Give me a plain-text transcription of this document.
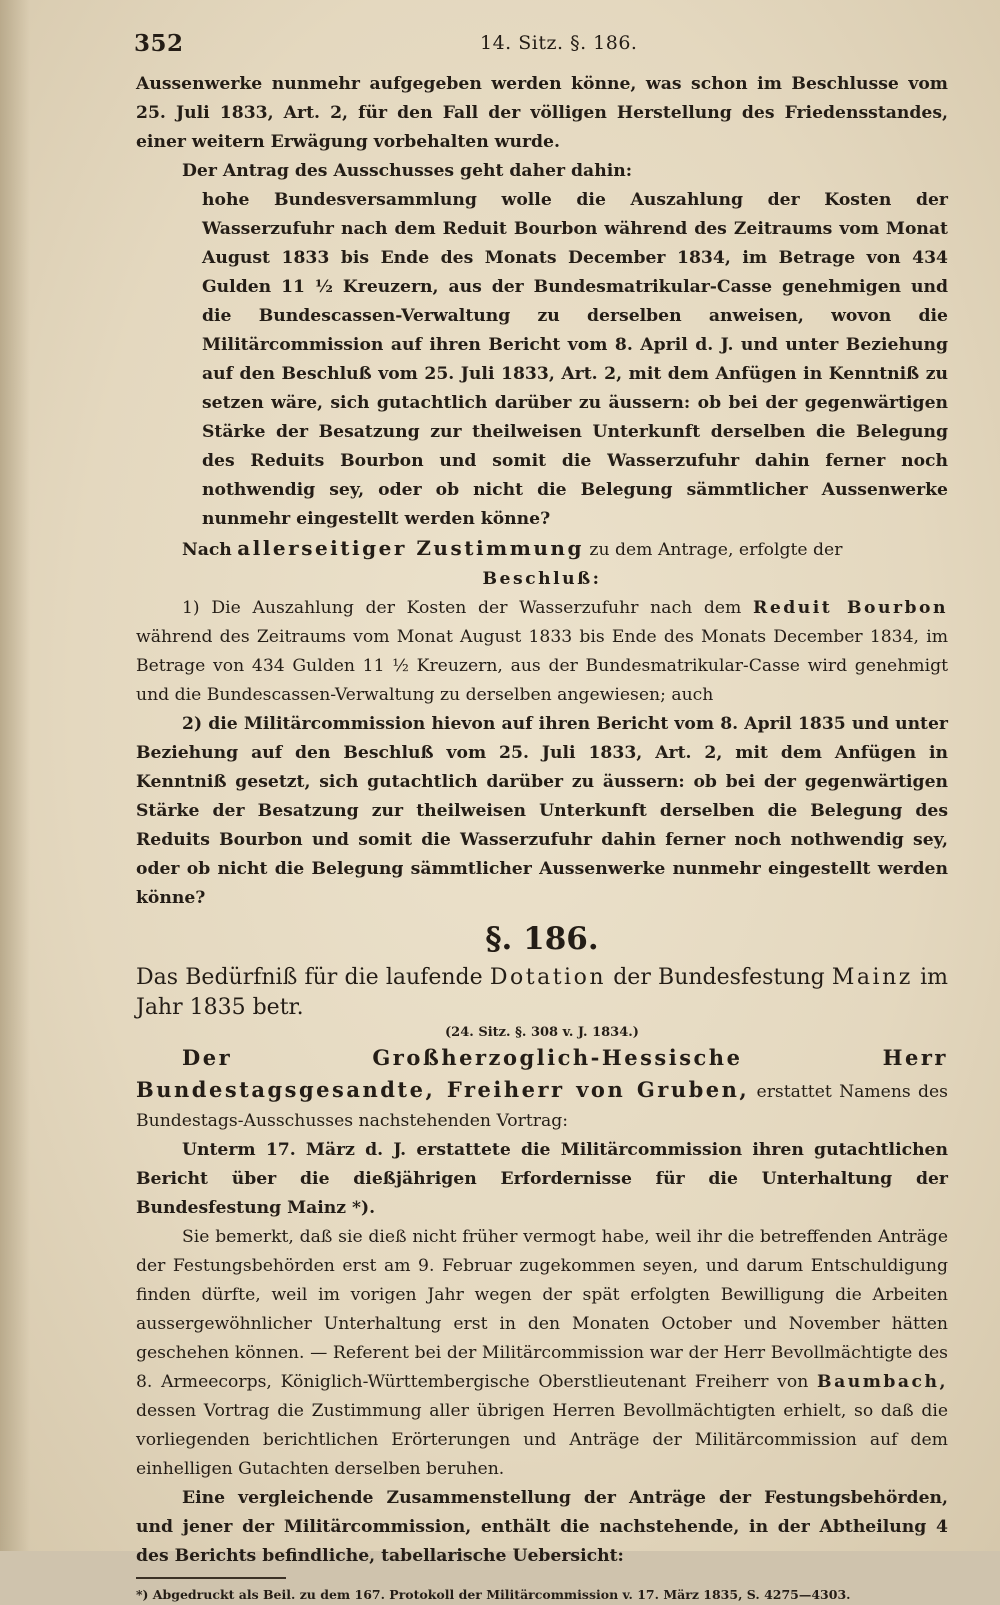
352	14. Sitz. §. 186.

Aussenwerke nunmehr aufgegeben werden könne, was schon im Beschlusse vom 25. Juli 1833, Art. 2, für den Fall der völligen Herstellung des Friedensstandes, einer weitern Erwägung vorbehalten wurde.

Der Antrag des Ausschusses geht daher dahin:

hohe Bundesversammlung wolle die Auszahlung der Kosten der Wasserzufuhr nach dem Reduit Bourbon während des Zeitraums vom Monat August 1833 bis Ende des Monats December 1834, im Betrage von 434 Gulden 11 ½ Kreuzern, aus der Bundesmatrikular-Casse genehmigen und die Bundescassen-Verwaltung zu derselben anweisen, wovon die Militärcommission auf ihren Bericht vom 8. April d. J. und unter Beziehung auf den Beschluß vom 25. Juli 1833, Art. 2, mit dem Anfügen in Kenntniß zu setzen wäre, sich gutachtlich darüber zu äussern: ob bei der gegenwärtigen Stärke der Besatzung zur theilweisen Unterkunft derselben die Belegung des Reduits Bourbon und somit die Wasserzufuhr dahin ferner noch nothwendig sey, oder ob nicht die Belegung sämmtlicher Aussenwerke nunmehr eingestellt werden könne?

Nach allerseitiger Zustimmung zu dem Antrage, erfolgte der

Beschluß:

1) Die Auszahlung der Kosten der Wasserzufuhr nach dem Reduit Bourbon während des Zeitraums vom Monat August 1833 bis Ende des Monats December 1834, im Betrage von 434 Gulden 11 ½ Kreuzern, aus der Bundesmatrikular-Casse wird genehmigt und die Bundescassen-Verwaltung zu derselben angewiesen; auch

2) die Militärcommission hievon auf ihren Bericht vom 8. April 1835 und unter Beziehung auf den Beschluß vom 25. Juli 1833, Art. 2, mit dem Anfügen in Kenntniß gesetzt, sich gutachtlich darüber zu äussern: ob bei der gegenwärtigen Stärke der Besatzung zur theilweisen Unterkunft derselben die Belegung des Reduits Bourbon und somit die Wasserzufuhr dahin ferner noch nothwendig sey, oder ob nicht die Belegung sämmtlicher Aussenwerke nunmehr eingestellt werden könne?

§. 186.

Das Bedürfniß für die laufende Dotation der Bundesfestung Mainz im Jahr 1835 betr.

(24. Sitz. §. 308 v. J. 1834.)

Der Großherzoglich-Hessische Herr Bundestagsgesandte, Freiherr von Gruben, erstattet Namens des Bundestags-Ausschusses nachstehenden Vortrag:

Unterm 17. März d. J. erstattete die Militärcommission ihren gutachtlichen Bericht über die dießjährigen Erfordernisse für die Unterhaltung der Bundesfestung Mainz *).

Sie bemerkt, daß sie dieß nicht früher vermogt habe, weil ihr die betreffenden Anträge der Festungsbehörden erst am 9. Februar zugekommen seyen, und darum Entschuldigung finden dürfte, weil im vorigen Jahr wegen der spät erfolgten Bewilligung die Arbeiten aussergewöhnlicher Unterhaltung erst in den Monaten October und November hätten geschehen können. — Referent bei der Militärcommission war der Herr Bevollmächtigte des 8. Armeecorps, Königlich-Württembergische Oberstlieutenant Freiherr von Baumbach, dessen Vortrag die Zustimmung aller übrigen Herren Bevollmächtigten erhielt, so daß die vorliegenden berichtlichen Erörterungen und Anträge der Militärcommission auf dem einhelligen Gutachten derselben beruhen.

Eine vergleichende Zusammenstellung der Anträge der Festungsbehörden, und jener der Militärcommission, enthält die nachstehende, in der Abtheilung 4 des Berichts befindliche, tabellarische Uebersicht:

*) Abgedruckt als Beil. zu dem 167. Protokoll der Militärcommission v. 17. März 1835, S. 4275—4303.
